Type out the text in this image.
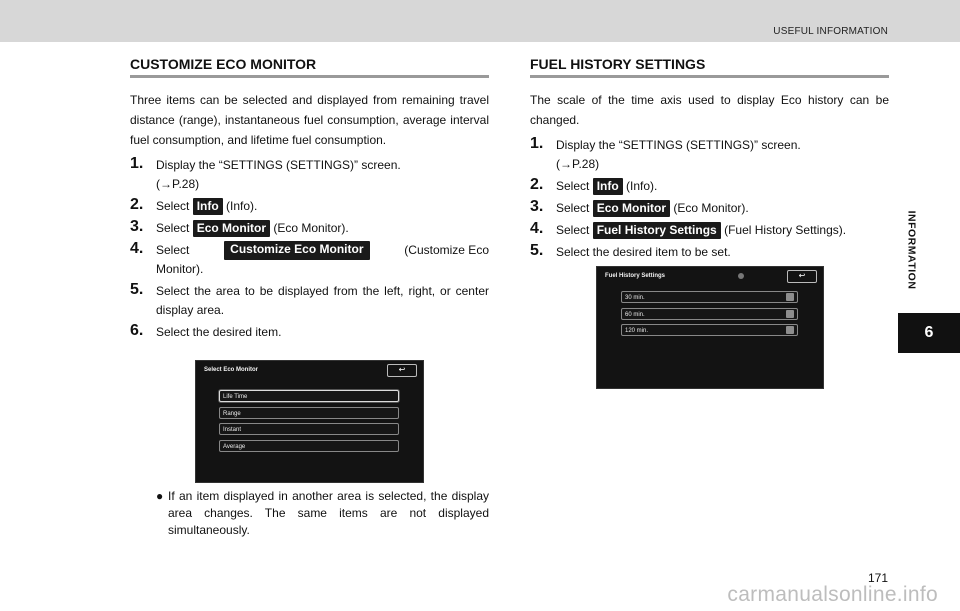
USEFUL INFORMATION
INFORMATION
6
CUSTOMIZE ECO MONITOR

Three items can be selected and displayed from remaining travel distance (range), instantaneous fuel consumption, average interval fuel consumption, and lifetime fuel consumption.

1. Display the “SETTINGS (SETTINGS)” screen.
(→P.28)
2. Select Info (Info).
3. Select Eco Monitor (Eco Monitor).
4. Select	Customize Eco Monitor	(Customize Eco
Monitor).
5. Select the area to be displayed from the left, right, or center display area.
6. Select the desired item.
Select Eco Monitor	↩
Life Time
Range
Instant
Average
● If an item displayed in another area is selected, the display area changes. The same items are not displayed simultaneously.
FUEL HISTORY SETTINGS

The scale of the time axis used to display Eco history can be changed.

1. Display the “SETTINGS (SETTINGS)” screen.
(→P.28)
2. Select Info (Info).
3. Select Eco Monitor (Eco Monitor).
4. Select Fuel History Settings (Fuel History Settings).
5. Select the desired item to be set.
Fuel History Settings	↩
30 min.
60 min.
120 min.
171
carmanualsonline.info
